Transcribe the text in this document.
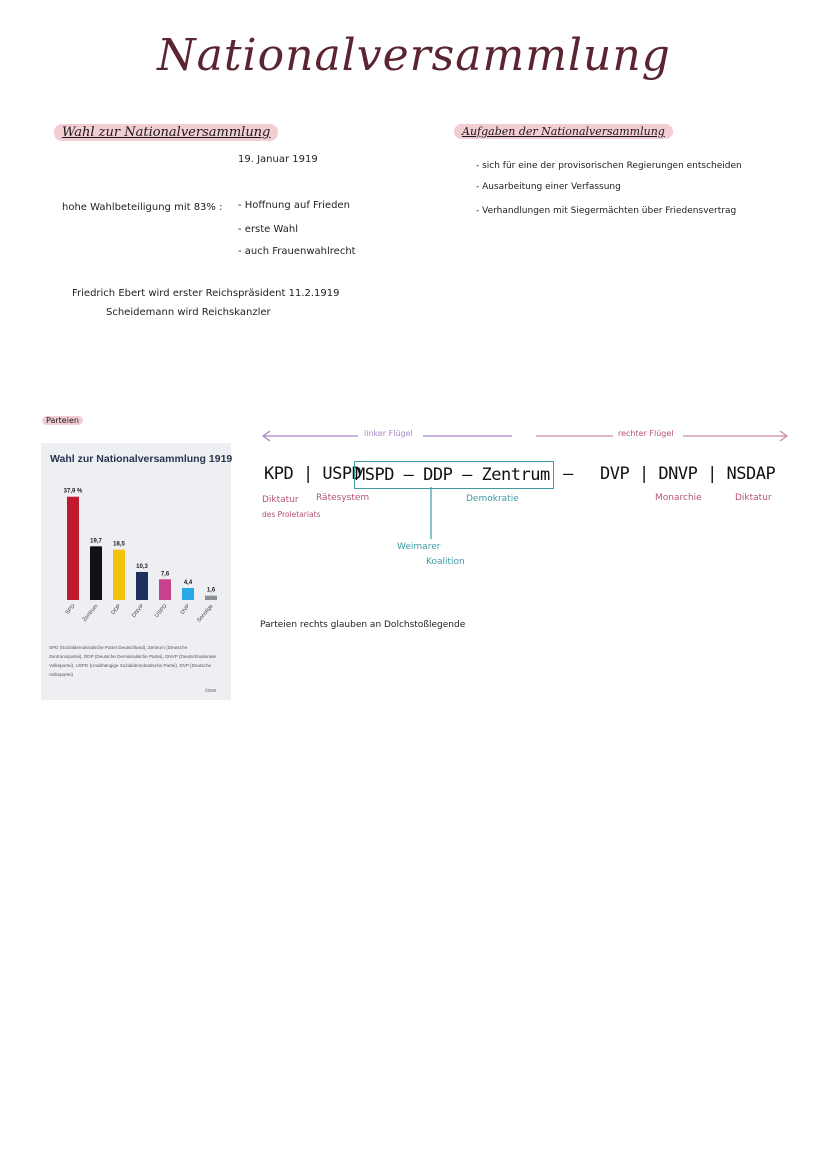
Nationalversammlung
Wahl zur Nationalversammlung
19. Januar 1919
hohe Wahlbeteiligung mit 83% : - Hoffnung auf Frieden
- erste Wahl
- auch Frauenwahlrecht
Friedrich Ebert wird erster Reichspräsident 11.2.1919
Scheidemann wird Reichskanzler
Aufgaben der Nationalversammlung
- sich für eine der provisorischen Regierungen entscheiden
- Ausarbeitung einer Verfassung
- Verhandlungen mit Siegermächten über Friedensvertrag
Parteien
Wahl zur Nationalversammlung 1919
37,9 %
SPD
19,7
Zentrum
18,5
DDP
10,3
DNVP
7,6
USPD
4,4
DVP
1,6
Sonstige
SPD (Sozialdemokratische Partei Deutschland), Zentrum (Deutsche Zentrumspartei), DDP (Deutsche Demokratische Partei), DNVP (Deutschnationale Volkspartei), USPD (Unabhängige Sozialdemokratische Partei), DVP (Deutsche Volkspartei)
©DW
linker Flügel	rechter Flügel
KPD | USPD
MSPD — DDP — Zentrum — DVP | DNVP | NSDAP
Diktatur
des Proletariats
Rätesystem	Demokratie	Monarchie	Diktatur
Weimarer
Koalition
Parteien rechts glauben an Dolchstoßlegende
